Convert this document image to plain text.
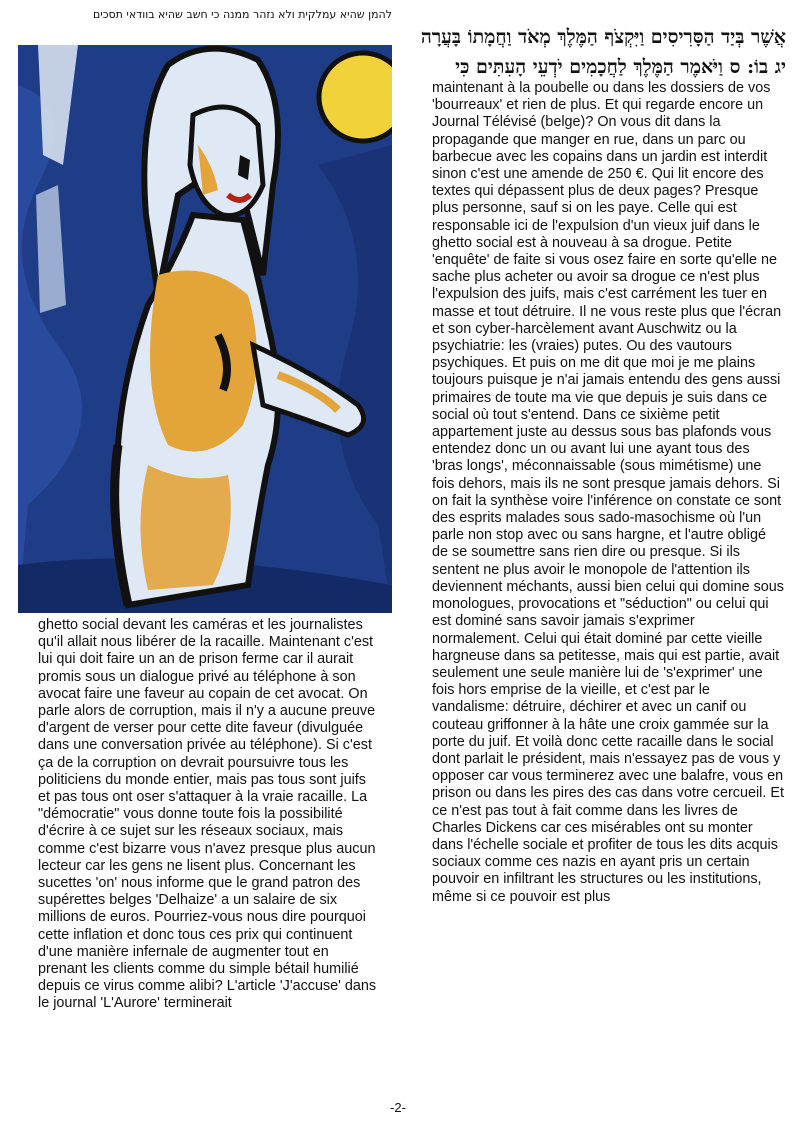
להמן שהיא עמלקית ולא נזהר ממנה כי חשב שהיא בוודאי תסכים
אֲשֶׁר בְּיַד הַסָּרִיסִים וַיִּקְצֹף הַמֶּלֶךְ מְאֹד וַחֲמָתוֹ בָּעֲרָה
יג בוֹ: ס וַיֹּאמֶר הַמֶּלֶךְ לַחֲכָמִים יֹדְעֵי הָעִתִּים כִּי

ghetto social devant les caméras et les journalistes qu'il allait nous libérer de la racaille. Maintenant c'est lui qui doit faire un an de prison ferme car il aurait promis sous un dialogue privé au téléphone à son avocat faire une faveur au copain de cet avocat. On parle alors de corruption, mais il n'y a aucune preuve d'argent de verser pour cette dite faveur (divulguée dans une conversation privée au téléphone). Si c'est ça de la corruption on devrait poursuivre tous les politiciens du monde entier, mais pas tous sont juifs et pas tous ont oser s'attaquer à la vraie racaille. La "démocratie" vous donne toute fois la possibilité d'écrire à ce sujet sur les réseaux sociaux, mais comme c'est bizarre vous n'avez presque plus aucun lecteur car les gens ne lisent plus. Concernant les sucettes 'on' nous informe que le grand patron des supérettes belges 'Delhaize' a un salaire de six millions de euros. Pourriez-vous nous dire pourquoi cette inflation et donc tous ces prix qui continuent d'une manière infernale de augmenter tout en prenant les clients comme du simple bétail humilié depuis ce virus comme alibi? L'article 'J'accuse' dans le journal 'L'Aurore' terminerait

maintenant à la poubelle ou dans les dossiers de vos 'bourreaux' et rien de plus. Et qui regarde encore un Journal Télévisé (belge)? On vous dit dans la propagande que manger en rue, dans un parc ou barbecue avec les copains dans un jardin est interdit sinon c'est une amende de 250 €. Qui lit encore des textes qui dépassent plus de deux pages? Presque plus personne, sauf si on les paye. Celle qui est responsable ici de l'expulsion d'un vieux juif dans le ghetto social est à nouveau à sa drogue. Petite 'enquête' de faite si vous osez faire en sorte qu'elle ne sache plus acheter ou avoir sa drogue ce n'est plus l'expulsion des juifs, mais c'est carrément les tuer en masse et tout détruire. Il ne vous reste plus que l'écran et son cyber-harcèlement avant Auschwitz ou la psychiatrie: les (vraies) putes. Ou des vautours psychiques. Et puis on me dit que moi je me plains toujours puisque je n'ai jamais entendu des gens aussi primaires de toute ma vie que depuis je suis dans ce social où tout s'entend. Dans ce sixième petit appartement juste au dessus sous bas plafonds vous entendez donc un ou avant lui une ayant tous des 'bras longs', méconnaissable (sous mimétisme) une fois dehors, mais ils ne sont presque jamais dehors. Si on fait la synthèse voire l'inférence on constate ce sont des esprits malades sous sado-masochisme où l'un parle non stop avec ou sans hargne, et l'autre obligé de se soumettre sans rien dire ou presque. Si ils sentent ne plus avoir le monopole de l'attention ils deviennent méchants, aussi bien celui qui domine sous monologues, provocations et "séduction" ou celui qui est dominé sans savoir jamais s'exprimer normalement. Celui qui était dominé par cette vieille hargneuse dans sa petitesse, mais qui est partie, avait seulement une seule manière lui de 's'exprimer' une fois hors emprise de la vieille, et c'est par le vandalisme: détruire, déchirer et avec un canif ou couteau griffonner à la hâte une croix gammée sur la porte du juif. Et voilà donc cette racaille dans le social dont parlait le président, mais n'essayez pas de vous y opposer car vous terminerez avec une balafre, vous en prison ou dans les pires des cas dans votre cercueil. Et ce n'est pas tout à fait comme dans les livres de Charles Dickens car ces misérables ont su monter dans l'échelle sociale et profiter de tous les dits acquis sociaux comme ces nazis en ayant pris un certain pouvoir en infiltrant les structures ou les institutions, même si ce pouvoir est plus

-2-
